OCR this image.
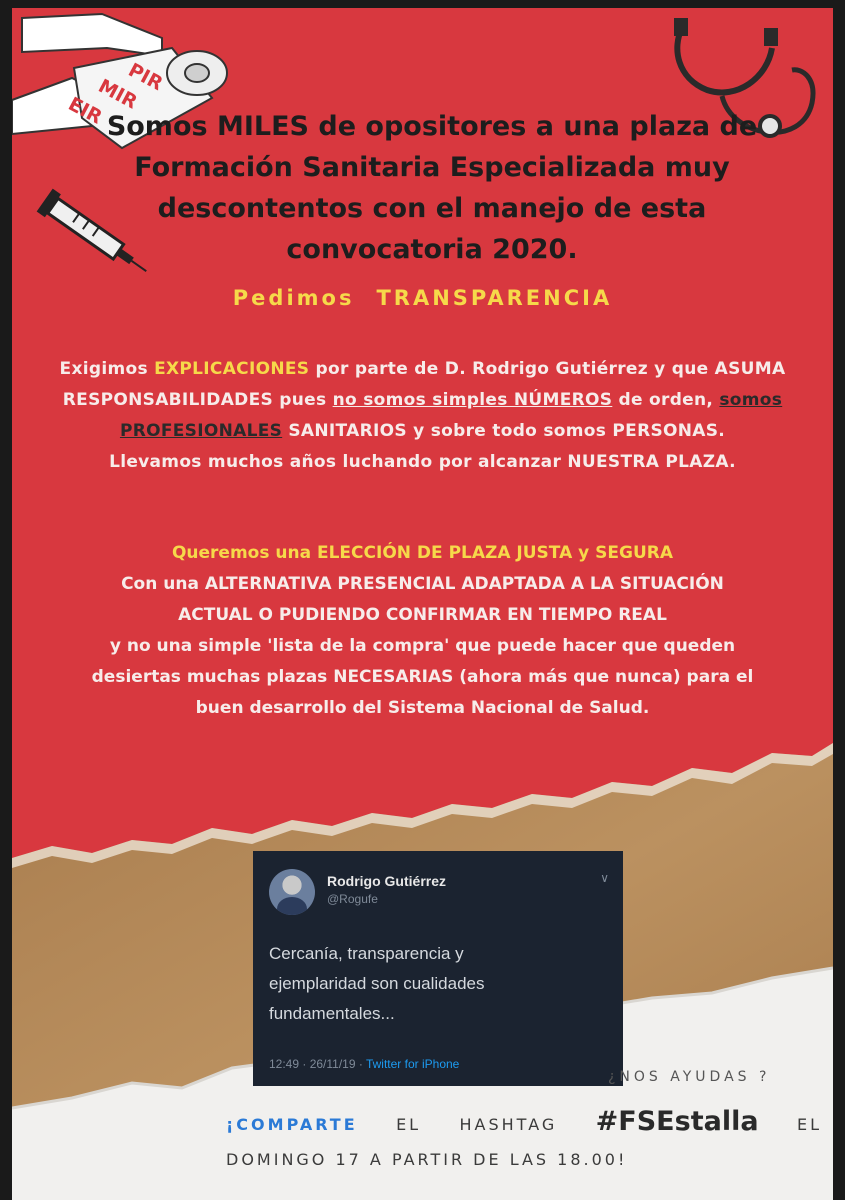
PIR
MIR
EIR Somos MILES de opositores a una plaza de
Formación Sanitaria Especializada muy
descontentos con el manejo de esta
convocatoria 2020.
Pedimos TRANSPARENCIA
Exigimos EXPLICACIONES por parte de D. Rodrigo Gutiérrez y que ASUMA RESPONSABILIDADES pues no somos simples NÚMEROS de orden, somos PROFESIONALES SANITARIOS y sobre todo somos PERSONAS.
Llevamos muchos años luchando por alcanzar NUESTRA PLAZA.
Queremos una ELECCIÓN DE PLAZA JUSTA y SEGURA
Con una ALTERNATIVA PRESENCIAL ADAPTADA A LA SITUACIÓN
ACTUAL O PUDIENDO CONFIRMAR EN TIEMPO REAL
y no una simple 'lista de la compra' que puede hacer que queden
desiertas muchas plazas NECESARIAS (ahora más que nunca) para el
buen desarrollo del Sistema Nacional de Salud.
Rodrigo Gutiérrez
@Rogufe
∨
Cercanía, transparencia y
ejemplaridad son cualidades
fundamentales...
12:49 · 26/11/19 · Twitter for iPhone
¿NOS AYUDAS ?
¡COMPARTE EL HASHTAG #FSEstalla EL
DOMINGO 17 A PARTIR DE LAS 18.00!
